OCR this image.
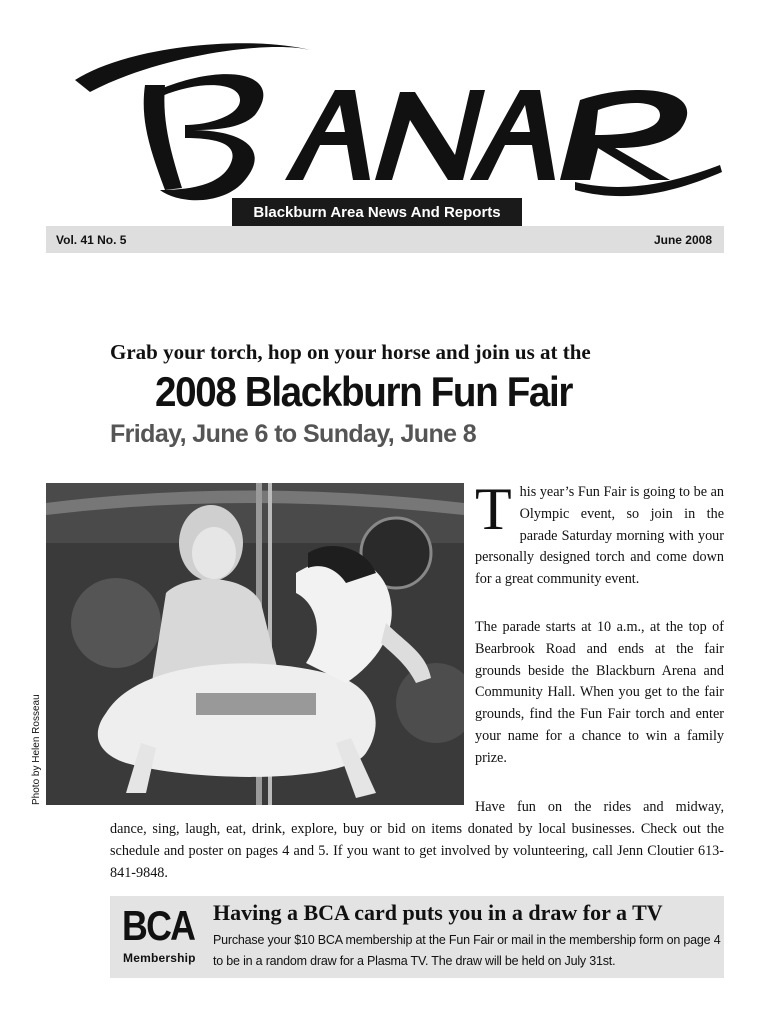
Blackburn Area News And Reports
Vol. 41 No. 5	June 2008
Grab your torch, hop on your horse and join us at the
2008 Blackburn Fun Fair
Friday, June 6 to Sunday, June 8
Photo by Helen Rosseau
This year’s Fun Fair is going to be an Olympic event, so join in the parade Saturday morning with your personally designed torch and come down for a great community event.
The parade starts at 10 a.m., at the top of Bearbrook Road and ends at the fair grounds beside the Blackburn Arena and Community Hall. When you get to the fair grounds, find the Fun Fair torch and enter your name for a chance to win a family prize.
Have fun on the rides and midway,
dance, sing, laugh, eat, drink, explore, buy or bid on items donated by local businesses. Check out the schedule and poster on pages 4 and 5. If you want to get involved by volunteering, call Jenn Cloutier 613-841-9848.
BCA
Membership
Having a BCA card puts you in a draw for a TV
Purchase your $10 BCA membership at the Fun Fair or mail in the membership form on page 4 to be in a random draw for a Plasma TV. The draw will be held on July 31st.
